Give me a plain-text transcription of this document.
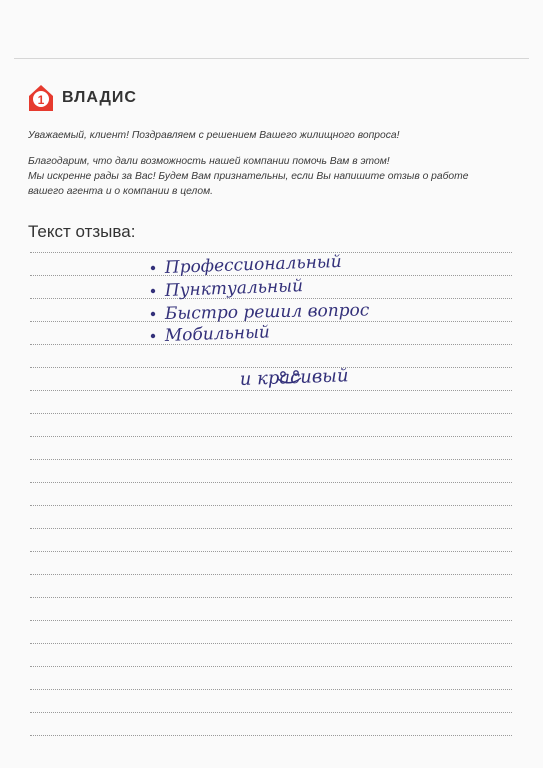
1 ВЛАДИС

Уважаемый, клиент! Поздравляем с решением Вашего жилищного вопроса!

Благодарим, что дали возможность нашей компании помочь Вам в этом!

Мы искренне рады за Вас! Будем Вам признательны, если Вы напишите отзыв о работе

вашего агента и о компании в целом.

Текст отзыва:
Профессиональный
Пунктуальный
Быстро решил вопрос
Мобильный
и красивый
